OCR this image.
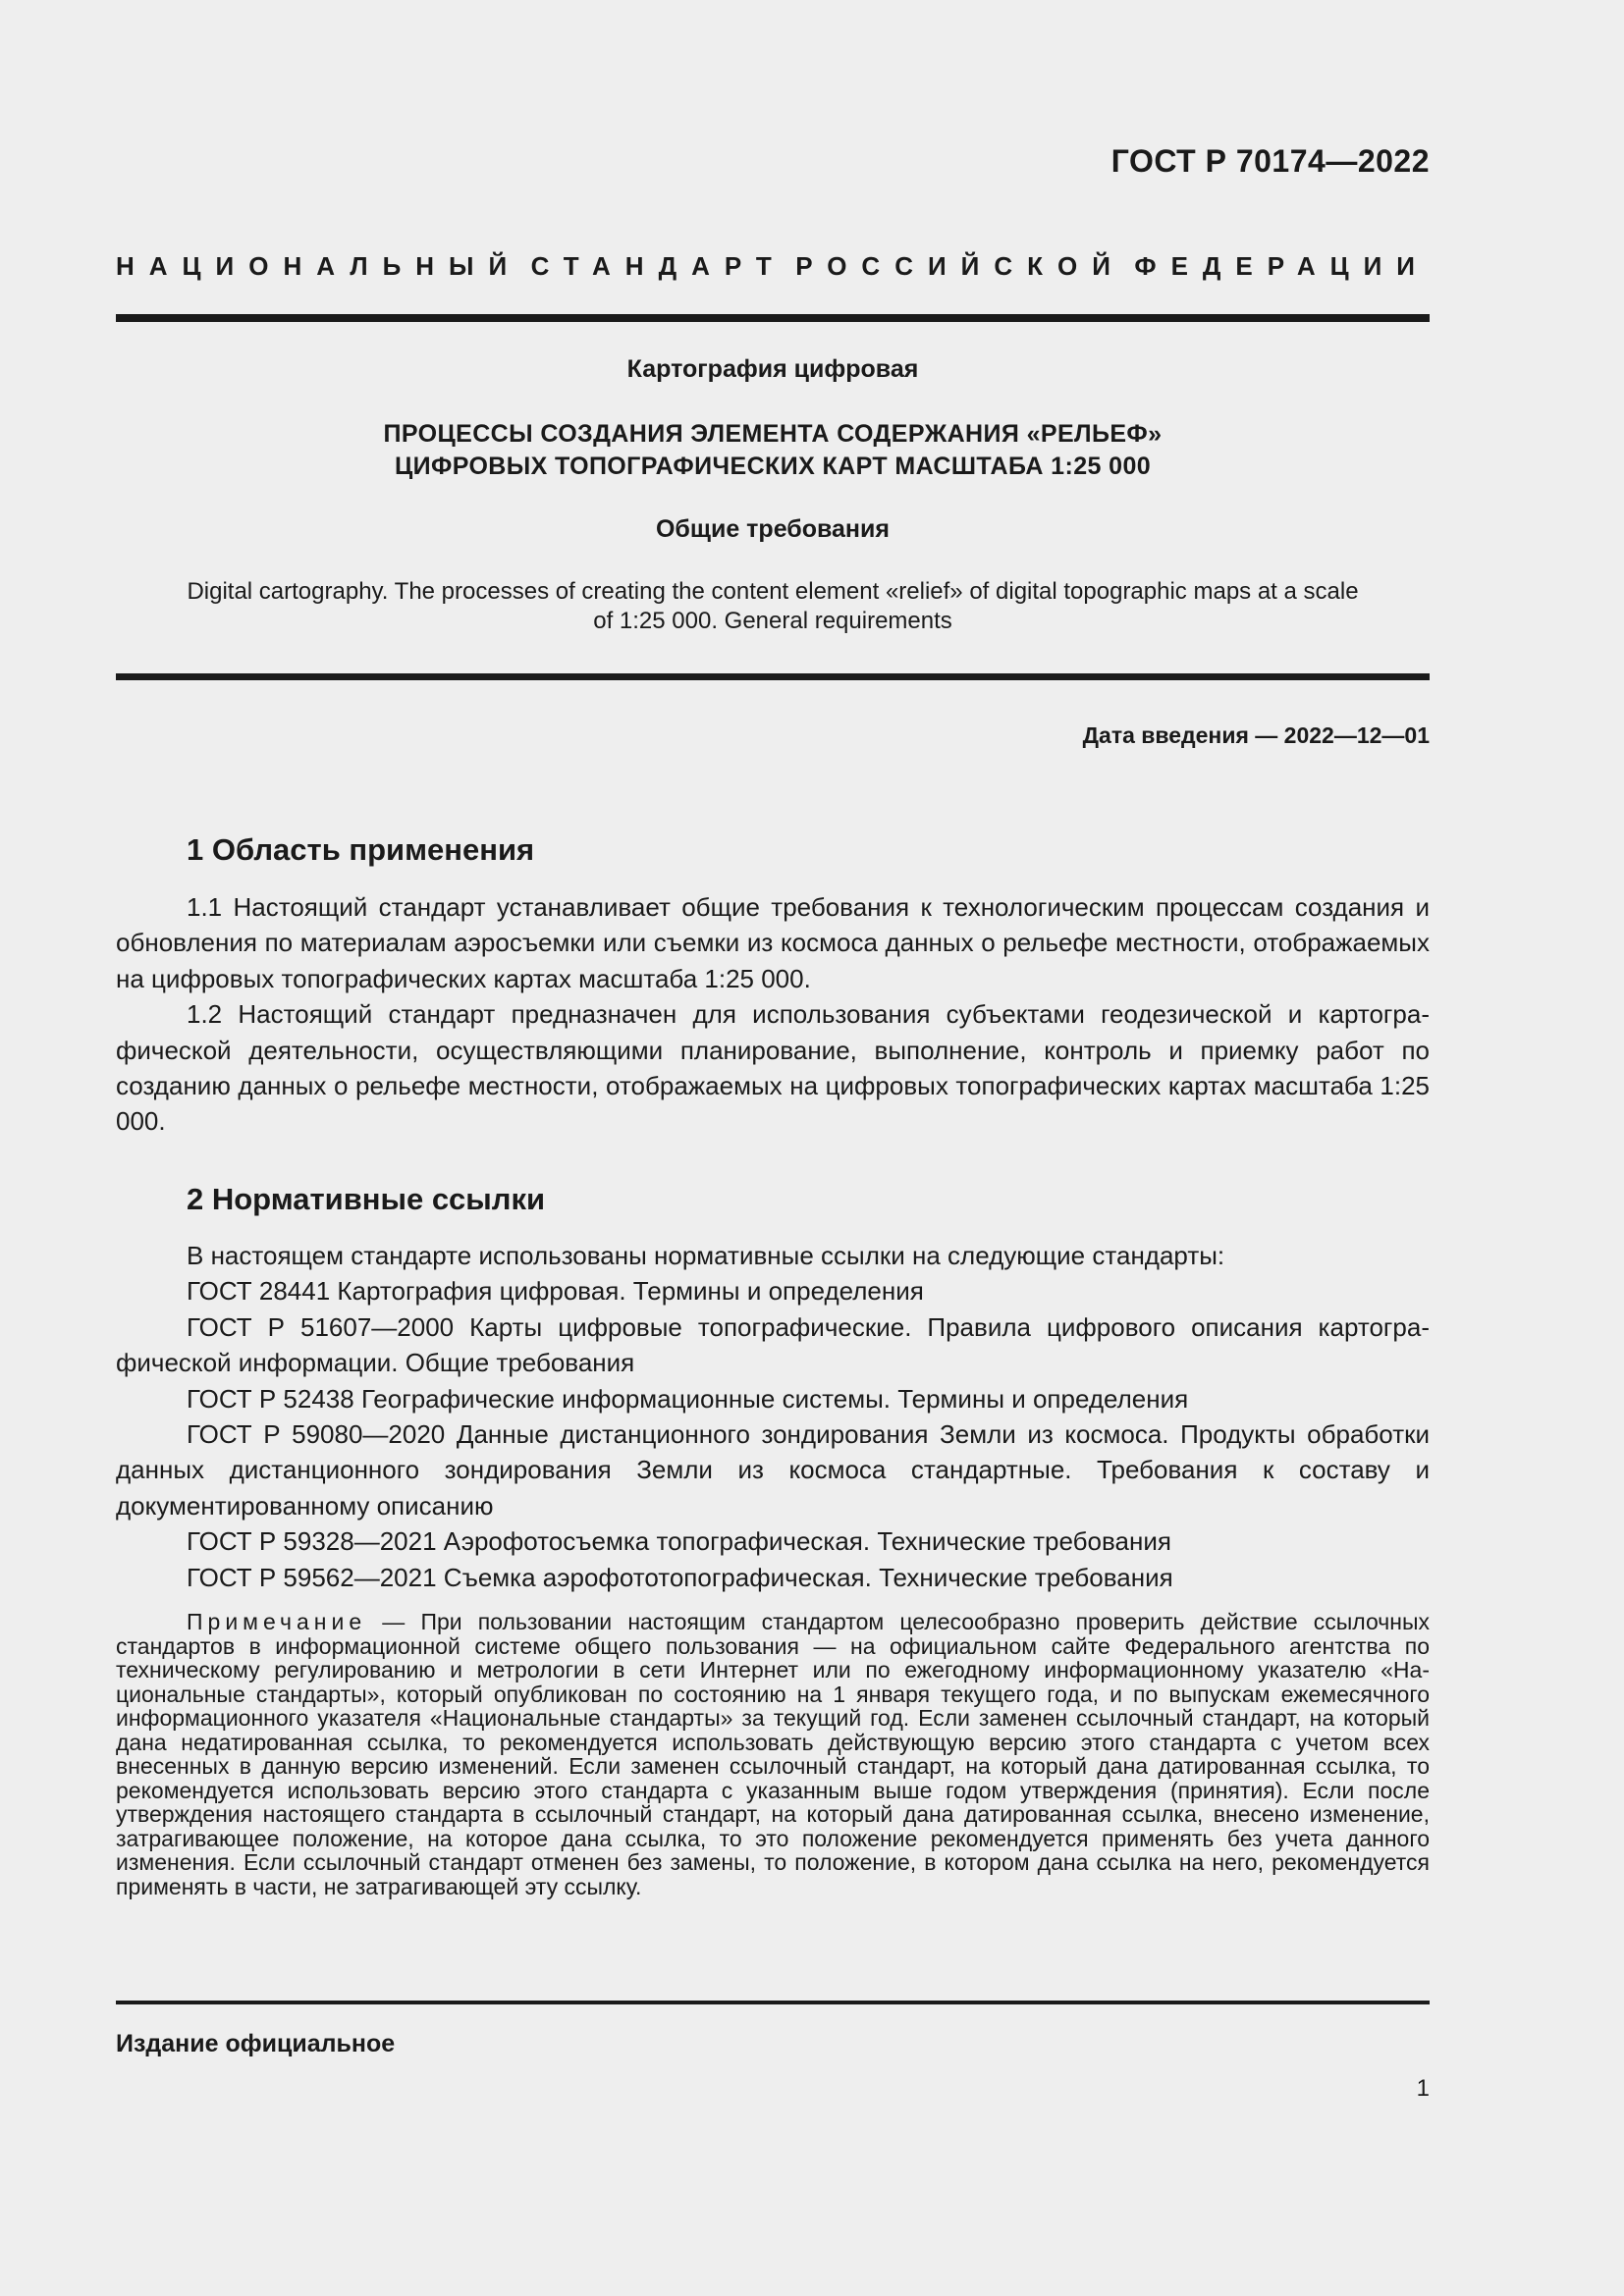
ГОСТ Р 70174—2022
НАЦИОНАЛЬНЫЙ СТАНДАРТ РОССИЙСКОЙ ФЕДЕРАЦИИ
Картография цифровая
ПРОЦЕССЫ СОЗДАНИЯ ЭЛЕМЕНТА СОДЕРЖАНИЯ «РЕЛЬЕФ»
ЦИФРОВЫХ ТОПОГРАФИЧЕСКИХ КАРТ МАСШТАБА 1:25 000
Общие требования
Digital cartography. The processes of creating the content element «relief» of digital topographic maps at a scale
of 1:25 000. General requirements
Дата введения — 2022—12—01
1 Область применения

1.1 Настоящий стандарт устанавливает общие требования к технологическим процессам создания и обновления по материалам аэросъемки или съемки из космоса данных о рельефе местности, отображаемых на цифровых топографических картах масштаба 1:25 000.

1.2 Настоящий стандарт предназначен для использования субъектами геодезической и картографической деятельности, осуществляющими планирование, выполнение, контроль и приемку работ по созданию данных о рельефе местности, отображаемых на цифровых топографических картах масштаба 1:25 000.

2 Нормативные ссылки

В настоящем стандарте использованы нормативные ссылки на следующие стандарты:

ГОСТ 28441 Картография цифровая. Термины и определения

ГОСТ Р 51607—2000 Карты цифровые топографические. Правила цифрового описания картографической информации. Общие требования

ГОСТ Р 52438 Географические информационные системы. Термины и определения

ГОСТ Р 59080—2020 Данные дистанционного зондирования Земли из космоса. Продукты обработки данных дистанционного зондирования Земли из космоса стандартные. Требования к составу и документированному описанию

ГОСТ Р 59328—2021 Аэрофотосъемка топографическая. Технические требования

ГОСТ Р 59562—2021 Съемка аэрофототопографическая. Технические требования

Примечание — При пользовании настоящим стандартом целесообразно проверить действие ссылочных стандартов в информационной системе общего пользования — на официальном сайте Федерального агентства по техническому регулированию и метрологии в сети Интернет или по ежегодному информационному указателю «Национальные стандарты», который опубликован по состоянию на 1 января текущего года, и по выпускам ежемесячного информационного указателя «Национальные стандарты» за текущий год. Если заменен ссылочный стандарт, на который дана недатированная ссылка, то рекомендуется использовать действующую версию этого стандарта с учетом всех внесенных в данную версию изменений. Если заменен ссылочный стандарт, на который дана датированная ссылка, то рекомендуется использовать версию этого стандарта с указанным выше годом утверждения (принятия). Если после утверждения настоящего стандарта в ссылочный стандарт, на который дана датированная ссылка, внесено изменение, затрагивающее положение, на которое дана ссылка, то это положение рекомендуется применять без учета данного изменения. Если ссылочный стандарт отменен без замены, то положение, в котором дана ссылка на него, рекомендуется применять в части, не затрагивающей эту ссылку.

Издание официальное
1
